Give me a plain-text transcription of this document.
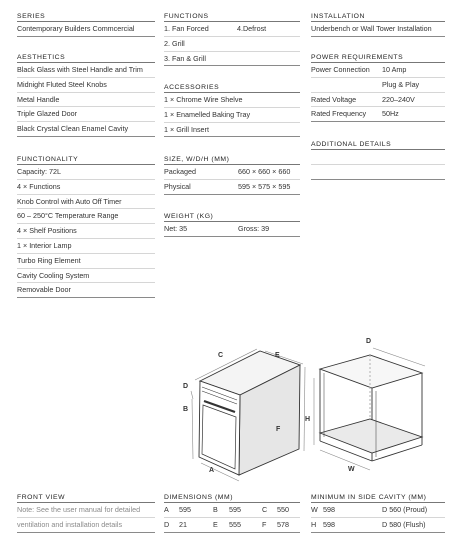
SERIES
Contemporary Builders Commcercial
AESTHETICS
Black Glass with Steel Handle and Trim
Midnight Fluted Steel Knobs
Metal Handle
Triple Glazed Door
Black Crystal Clean Enamel Cavity
FUNCTIONALITY
Capacity: 72L
4 × Functions
Knob Control with Auto Off Timer
60 – 250°C Temperature Range
4 × Shelf Positions
1 × Interior Lamp
Turbo Ring Element
Cavity Cooling System
Removable Door
FUNCTIONS
1. Fan Forced	4.Defrost
2. Grill
3. Fan & Grill
ACCESSORIES
1 × Chrome Wire Shelve
1 × Enamelled Baking Tray
1 × Grill Insert
SIZE, W/D/H (MM)
Packaged	660 × 660 × 660
Physical	595 × 575 × 595
WEIGHT (KG)
Net: 35	Gross: 39
INSTALLATION
Underbench or Wall Tower Installation
POWER REQUIREMENTS
Power Connection 10 Amp
Plug & Play
Rated Voltage	220–240V
Rated Frequency 50Hz
ADDITIONAL DETAILS
A
B
C
D
E
F
D
H
W
FRONT VIEW
Note: See the user manual for detailed
ventilation and installation details
DIMENSIONS (MM)
A 595	B 595	C 550
D 21	E 555	F 578
MINIMUM IN SIDE CAVITY (MM)
W 598	D 560 (Proud)
H 598	D 580 (Flush)
